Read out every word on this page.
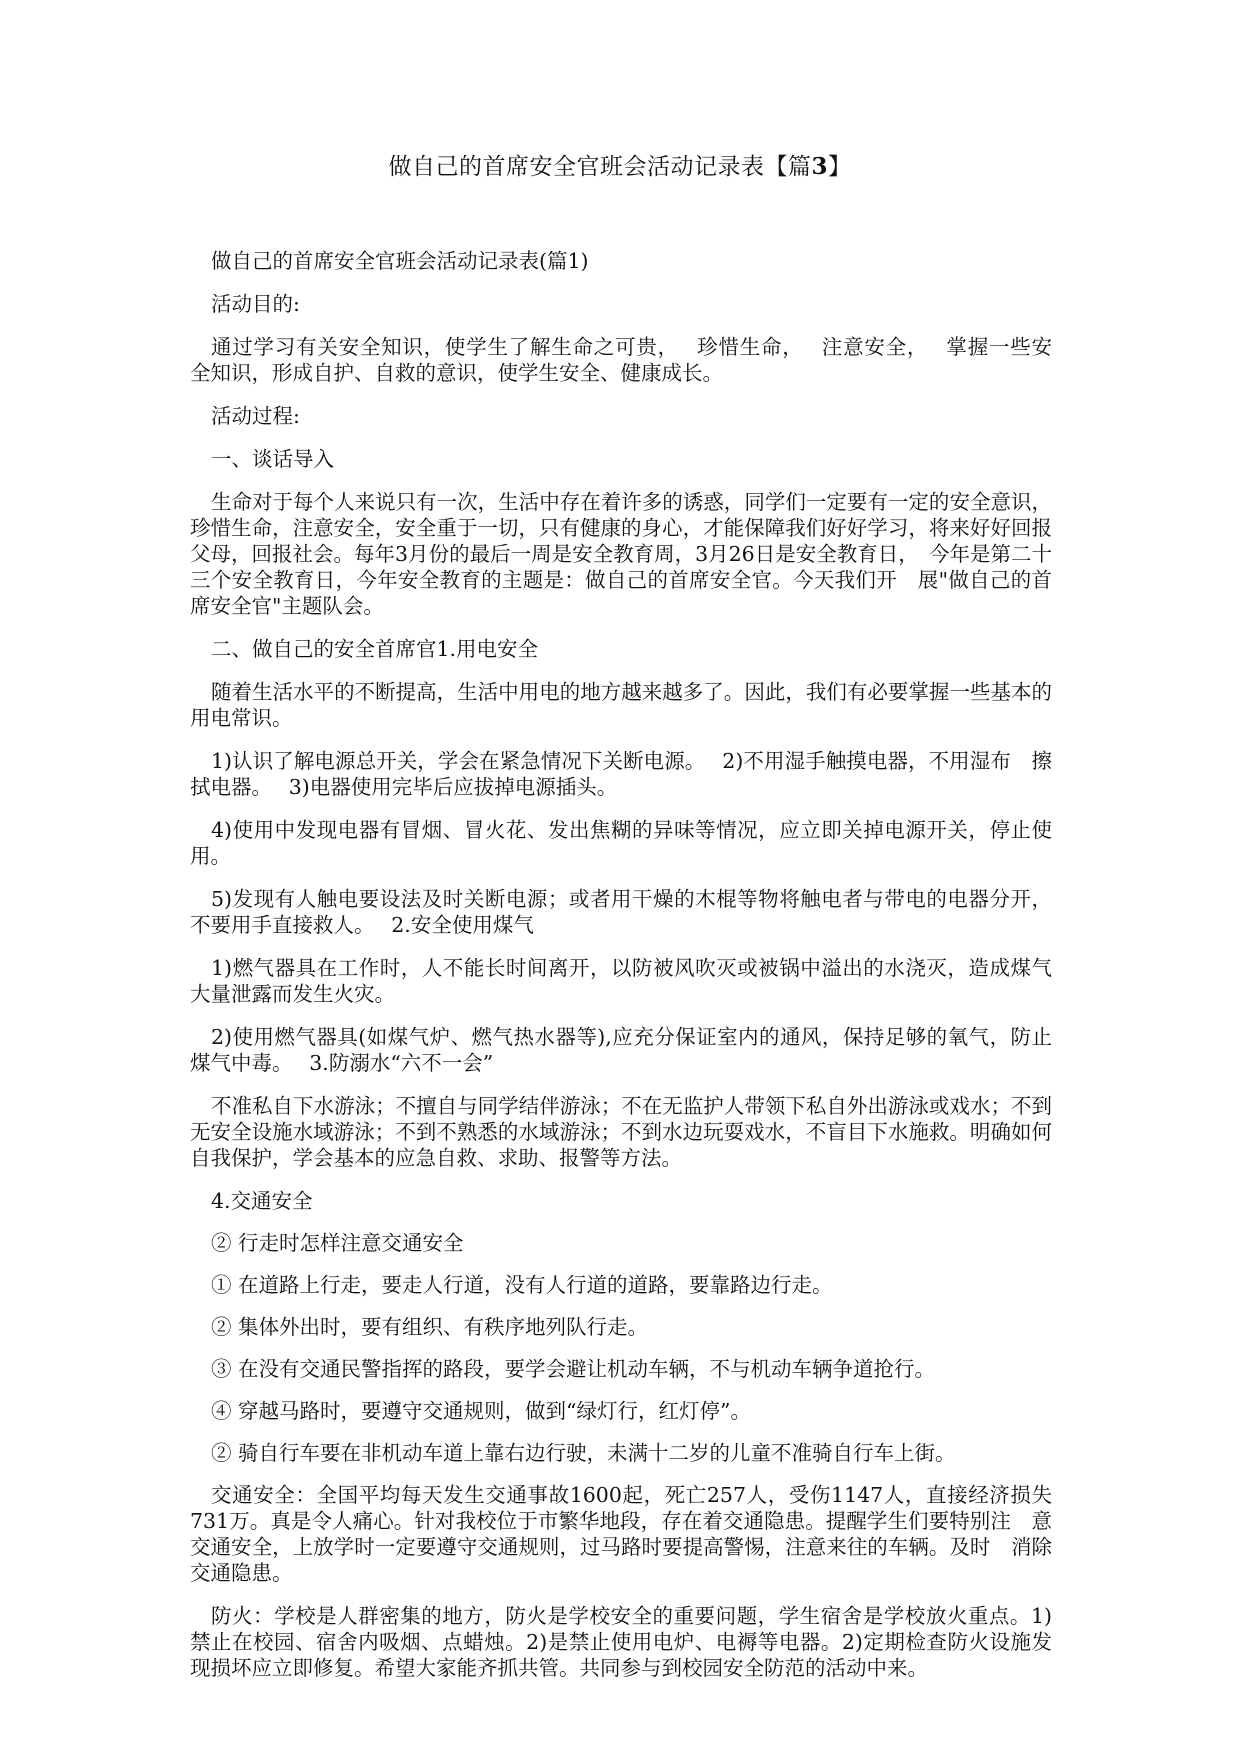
做自己的首席安全官班会活动记录表【篇3】

做自己的首席安全官班会活动记录表(篇1)

活动目的:

通过学习有关安全知识，使学生了解生命之可贵，　 珍惜生命，　 注意安全，　 掌握一些安　全知识，形成自护、自救的意识，使学生安全、健康成长。

活动过程:

一、谈话导入

生命对于每个人来说只有一次，生活中存在着许多的诱惑，同学们一定要有一定的安全意识，珍惜生命，注意安全，安全重于一切，只有健康的身心，才能保障我们好好学习，将来好好回报父母，回报社会。每年3月份的最后一周是安全教育周，3月26日是安全教育日，　今年是第二十三个安全教育日，今年安全教育的主题是：做自己的首席安全官。今天我们开　展"做自己的首席安全官"主题队会。

二、做自己的安全首席官1.用电安全

随着生活水平的不断提高，生活中用电的地方越来越多了。因此，我们有必要掌握一些基本的用电常识。

1)认识了解电源总开关，学会在紧急情况下关断电源。　 2)不用湿手触摸电器，不用湿布　擦拭电器。　 3)电器使用完毕后应拔掉电源插头。

4)使用中发现电器有冒烟、冒火花、发出焦糊的异味等情况，应立即关掉电源开关，停止使用。

5)发现有人触电要设法及时关断电源；或者用干燥的木棍等物将触电者与带电的电器分开，不要用手直接救人。　 2.安全使用煤气

1)燃气器具在工作时，人不能长时间离开，以防被风吹灭或被锅中溢出的水浇灭，造成煤气大量泄露而发生火灾。

2)使用燃气器具(如煤气炉、燃气热水器等),应充分保证室内的通风，保持足够的氧气，防止煤气中毒。　 3.防溺水“六不一会”

不准私自下水游泳；不擅自与同学结伴游泳；不在无监护人带领下私自外出游泳或戏水；不到无安全设施水域游泳；不到不熟悉的水域游泳；不到水边玩耍戏水，不盲目下水施救。明确如何自我保护，学会基本的应急自救、求助、报警等方法。

4.交通安全

② 行走时怎样注意交通安全

① 在道路上行走，要走人行道，没有人行道的道路，要靠路边行走。

② 集体外出时，要有组织、有秩序地列队行走。

③ 在没有交通民警指挥的路段，要学会避让机动车辆，不与机动车辆争道抢行。

④ 穿越马路时，要遵守交通规则，做到“绿灯行，红灯停”。

② 骑自行车要在非机动车道上靠右边行驶，未满十二岁的儿童不准骑自行车上街。

交通安全：全国平均每天发生交通事故1600起，死亡257人，受伤1147人，直接经济损失　731万。真是令人痛心。针对我校位于市繁华地段，存在着交通隐患。提醒学生们要特别注　意交通安全，上放学时一定要遵守交通规则，过马路时要提高警惕，注意来往的车辆。及时　消除交通隐患。

防火：学校是人群密集的地方，防火是学校安全的重要问题，学生宿舍是学校放火重点。1)禁止在校园、宿舍内吸烟、点蜡烛。2)是禁止使用电炉、电褥等电器。2)定期检查防火设施发现损坏应立即修复。希望大家能齐抓共管。共同参与到校园安全防范的活动中来。
